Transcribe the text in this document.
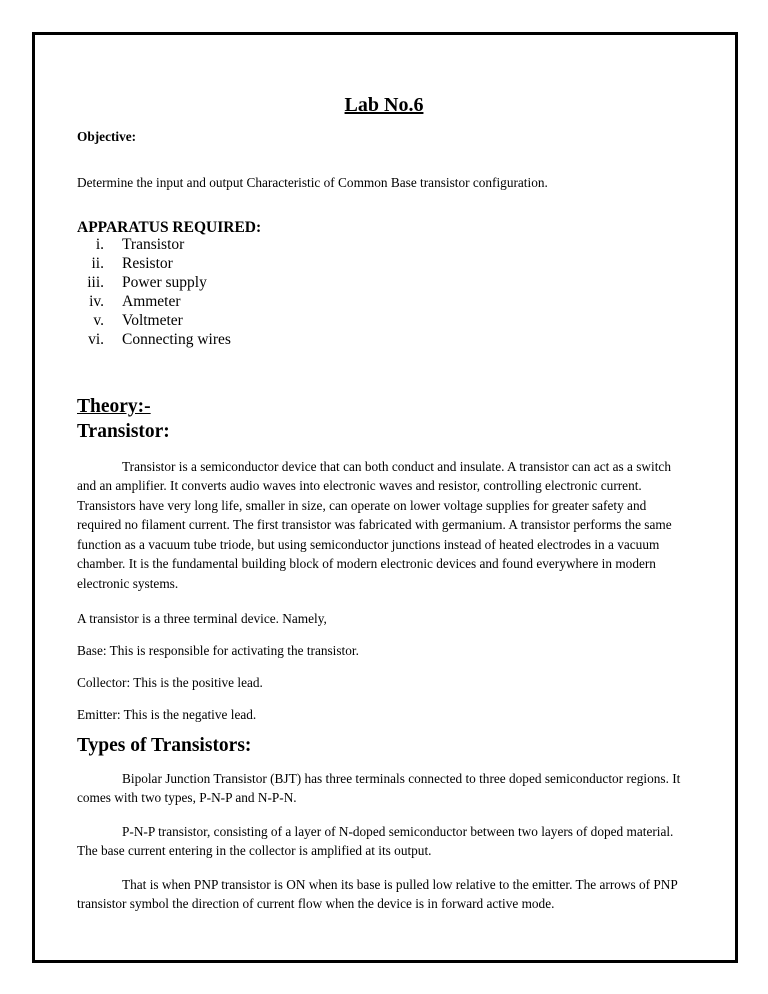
Lab No.6
Objective:
Determine the input and output Characteristic of Common Base transistor configuration.
APPARATUS REQUIRED:
i. Transistor
ii. Resistor
iii. Power supply
iv. Ammeter
v. Voltmeter
vi. Connecting wires
Theory:-
Transistor:
Transistor is a semiconductor device that can both conduct and insulate. A transistor can act as a switch
and an amplifier. It converts audio waves into electronic waves and resistor, controlling electronic current.
Transistors have very long life, smaller in size, can operate on lower voltage supplies for greater safety and
required no filament current. The first transistor was fabricated with germanium. A transistor performs the same
function as a vacuum tube triode, but using semiconductor junctions instead of heated electrodes in a vacuum
chamber. It is the fundamental building block of modern electronic devices and found everywhere in modern
electronic systems.
A transistor is a three terminal device. Namely,
Base: This is responsible for activating the transistor.
Collector: This is the positive lead.
Emitter: This is the negative lead.
Types of Transistors:
Bipolar Junction Transistor (BJT) has three terminals connected to three doped semiconductor regions. It
comes with two types, P-N-P and N-P-N.
P-N-P transistor, consisting of a layer of N-doped semiconductor between two layers of doped material.
The base current entering in the collector is amplified at its output.
That is when PNP transistor is ON when its base is pulled low relative to the emitter. The arrows of PNP
transistor symbol the direction of current flow when the device is in forward active mode.
